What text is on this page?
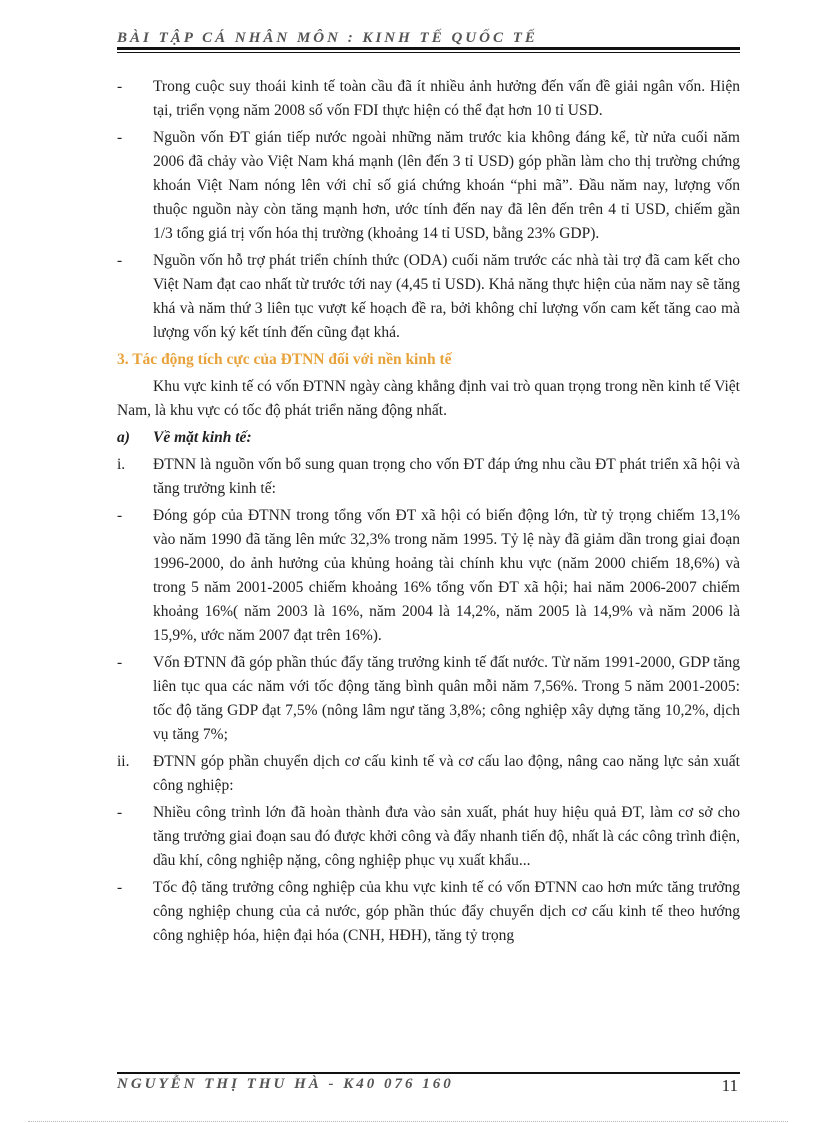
BÀI TẬP CÁ NHÂN MÔN : KINH TẾ QUỐC TẾ
-	Trong cuộc suy thoái kinh tế toàn cầu đã ít nhiều ảnh hưởng đến vấn đề giải ngân vốn. Hiện tại, triển vọng năm 2008 số vốn FDI thực hiện có thể đạt hơn 10 tỉ USD.
-	Nguồn vốn ĐT gián tiếp nước ngoài những năm trước kia không đáng kể, từ nửa cuối năm 2006 đã chảy vào Việt Nam khá mạnh (lên đến 3 tỉ USD) góp phần làm cho thị trường chứng khoán Việt Nam nóng lên với chỉ số giá chứng khoán “phi mã”. Đầu năm nay, lượng vốn thuộc nguồn này còn tăng mạnh hơn, ước tính đến nay đã lên đến trên 4 tỉ USD, chiếm gần 1/3 tổng giá trị vốn hóa thị trường (khoảng 14 tỉ USD, bằng 23% GDP).
-	Nguồn vốn hỗ trợ phát triển chính thức (ODA) cuối năm trước các nhà tài trợ đã cam kết cho Việt Nam đạt cao nhất từ trước tới nay (4,45 tỉ USD). Khả năng thực hiện của năm nay sẽ tăng khá và năm thứ 3 liên tục vượt kế hoạch đề ra, bởi không chỉ lượng vốn cam kết tăng cao mà lượng vốn ký kết tính đến cũng đạt khá.
3. Tác động tích cực của ĐTNN đối với nền kinh tế
Khu vực kinh tế có vốn ĐTNN ngày càng khẳng định vai trò quan trọng trong nền kinh tế Việt Nam, là khu vực có tốc độ phát triển năng động nhất.
a)	Về mặt kinh tế:
i.	ĐTNN là nguồn vốn bổ sung quan trọng cho vốn ĐT đáp ứng nhu cầu ĐT phát triển xã hội và tăng trưởng kinh tế:
-	Đóng góp của ĐTNN trong tổng vốn ĐT xã hội có biến động lớn, từ tỷ trọng chiếm 13,1% vào năm 1990 đã tăng lên mức 32,3% trong năm 1995. Tỷ lệ này đã giảm dần trong giai đoạn 1996-2000, do ảnh hưởng của khủng hoảng tài chính khu vực (năm 2000 chiếm 18,6%) và trong 5 năm 2001-2005 chiếm khoảng 16% tổng vốn ĐT xã hội; hai năm 2006-2007 chiếm khoảng 16%( năm 2003 là 16%, năm 2004 là 14,2%, năm 2005 là 14,9% và năm 2006 là 15,9%, ước năm 2007 đạt trên 16%).
-	Vốn ĐTNN đã góp phần thúc đẩy tăng trưởng kinh tế đất nước. Từ năm 1991-2000, GDP tăng liên tục qua các năm với tốc động tăng bình quân mỗi năm 7,56%. Trong 5 năm 2001-2005: tốc độ tăng GDP đạt 7,5% (nông lâm ngư tăng 3,8%; công nghiệp xây dựng tăng 10,2%, dịch vụ tăng 7%;
ii.	ĐTNN góp phần chuyển dịch cơ cấu kinh tế và cơ cấu lao động, nâng cao năng lực sản xuất công nghiệp:
-	Nhiều công trình lớn đã hoàn thành đưa vào sản xuất, phát huy hiệu quả ĐT, làm cơ sở cho tăng trưởng giai đoạn sau đó được khởi công và đẩy nhanh tiến độ, nhất là các công trình điện, dầu khí, công nghiệp nặng, công nghiệp phục vụ xuất khẩu...
-	Tốc độ tăng trưởng công nghiệp của khu vực kinh tế có vốn ĐTNN cao hơn mức tăng trưởng công nghiệp chung của cả nước, góp phần thúc đẩy chuyển dịch cơ cấu kinh tế theo hướng công nghiệp hóa, hiện đại hóa (CNH, HĐH), tăng tỷ trọng
NGUYỄN THỊ THU HÀ - K40 076 160	11
